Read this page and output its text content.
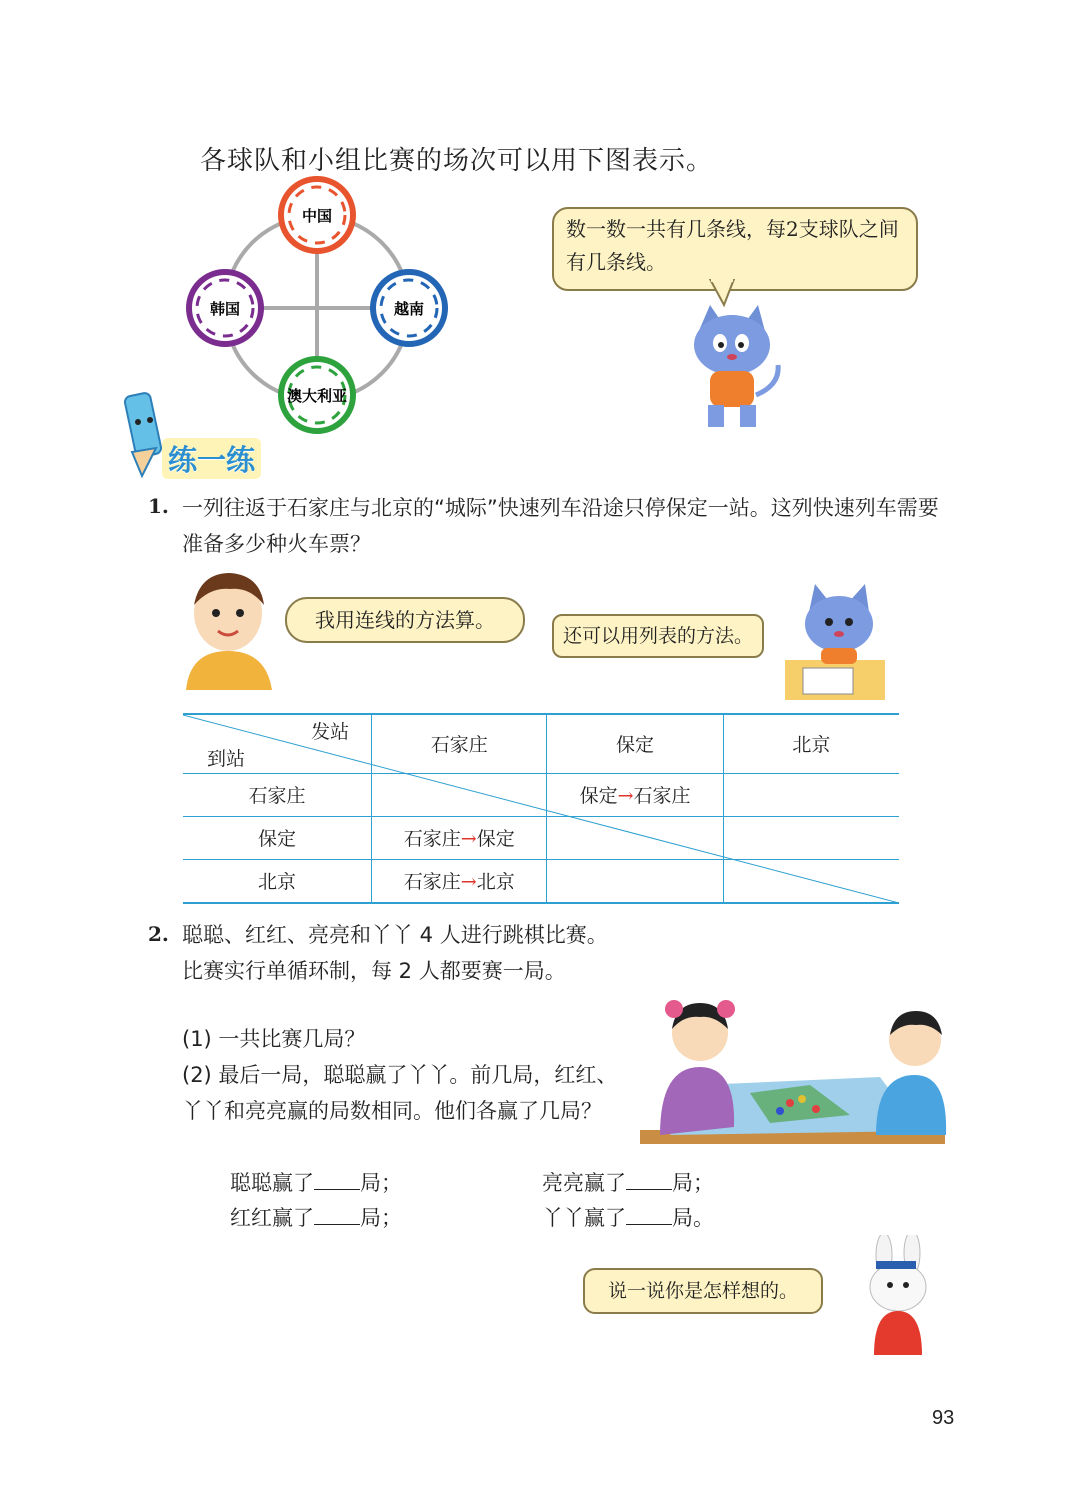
各球队和小组比赛的场次可以用下图表示。
中国
越南
澳大利亚
韩国
数一数一共有几条线，每2支球队之间有几条线。
练一练
1. 一列往返于石家庄与北京的“城际”快速列车沿途只停保定一站。这列快速列车需要准备多少种火车票？
我用连线的方法算。
还可以用列表的方法。
发站
到站	石家庄	保定	北京
石家庄		保定→石家庄	
保定	石家庄→保定		
北京	石家庄→北京		
2. 聪聪、红红、亮亮和丫丫 4 人进行跳棋比赛。比赛实行单循环制，每 2 人都要赛一局。
(1) 一共比赛几局？
(2) 最后一局，聪聪赢了丫丫。前几局，红红、丫丫和亮亮赢的局数相同。他们各赢了几局？
聪聪赢了 局；	亮亮赢了 局；
红红赢了 局；	丫丫赢了 局。
说一说你是怎样想的。
93
